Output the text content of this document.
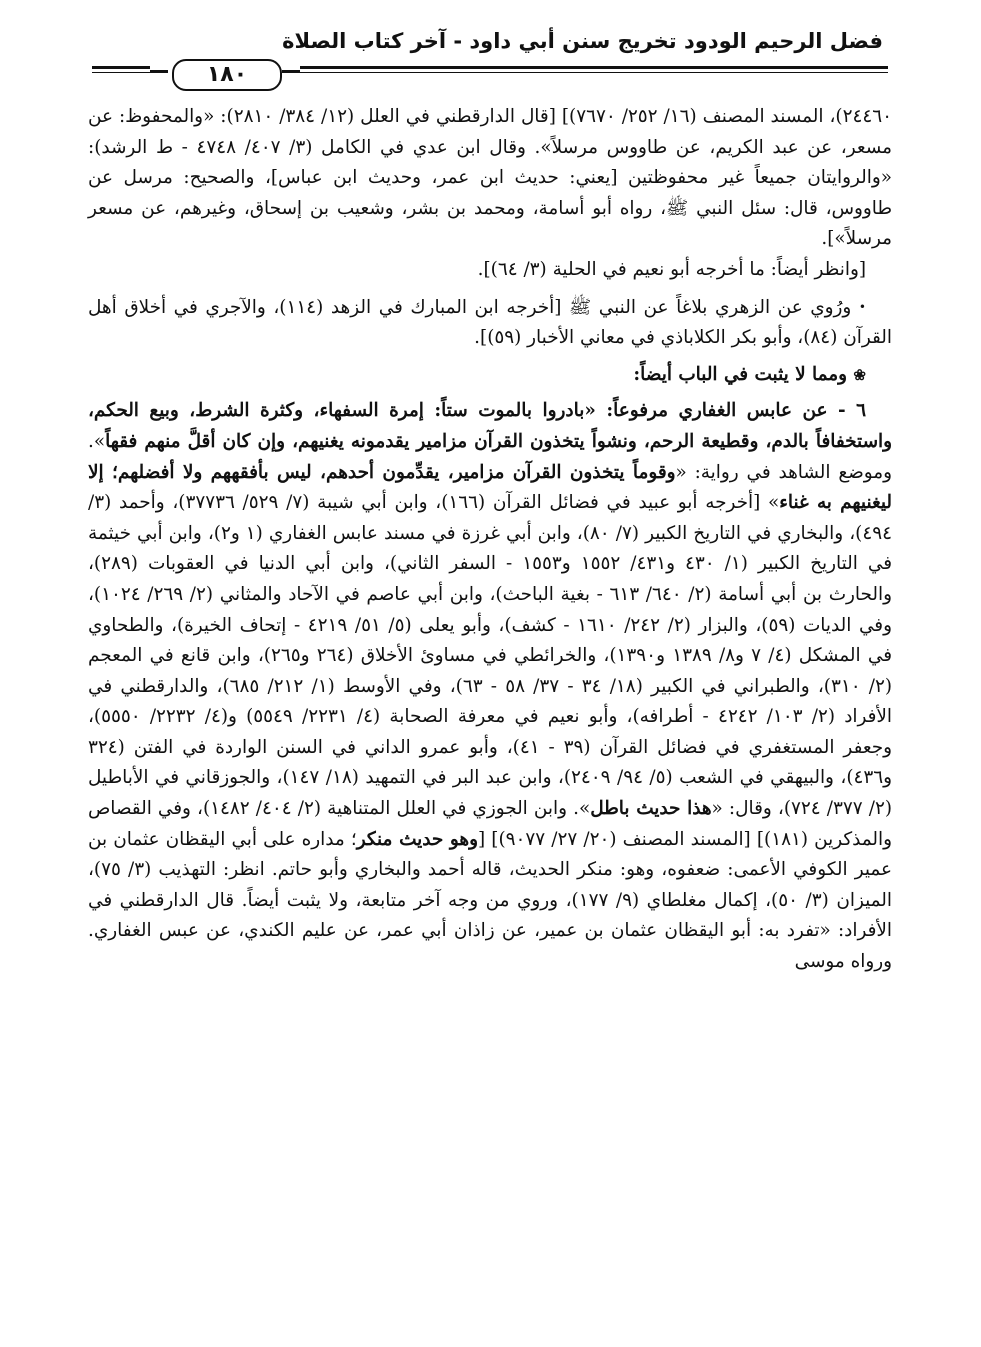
فضل الرحيم الودود تخريج سنن أبي داود - آخر كتاب الصلاة
١٨٠

٢٤٤٦٠)، المسند المصنف (١٦/ ٢٥٢/ ٧٦٧٠)] [قال الدارقطني في العلل (١٢/ ٣٨٤/ ٢٨١٠): «والمحفوظ: عن مسعر، عن عبد الكريم، عن طاووس مرسلاً». وقال ابن عدي في الكامل (٣/ ٤٠٧/ ٤٧٤٨ - ط الرشد): «والروايتان جميعاً غير محفوظتين [يعني: حديث ابن عمر، وحديث ابن عباس]، والصحيح: مرسل عن طاووس، قال: سئل النبي ﷺ، رواه أبو أسامة، ومحمد بن بشر، وشعيب بن إسحاق، وغيرهم، عن مسعر مرسلاً»].

[وانظر أيضاً: ما أخرجه أبو نعيم في الحلية (٣/ ٦٤)].

• ورُوي عن الزهري بلاغاً عن النبي ﷺ [أخرجه ابن المبارك في الزهد (١١٤)، والآجري في أخلاق أهل القرآن (٨٤)، وأبو بكر الكلاباذي في معاني الأخبار (٥٩)].

❀ ومما لا يثبت في الباب أيضاً:

٦ - عن عابس الغفاري مرفوعاً: «بادروا بالموت ستاً: إمرة السفهاء، وكثرة الشرط، وبيع الحكم، واستخفافاً بالدم، وقطيعة الرحم، ونشواً يتخذون القرآن مزامير يقدمونه يغنيهم، وإن كان أقلَّ منهم فقهاً». وموضع الشاهد في رواية: «وقوماً يتخذون القرآن مزامير، يقدِّمون أحدهم، ليس بأفقههم ولا أفضلهم؛ إلا ليغنيهم به غناء» [أخرجه أبو عبيد في فضائل القرآن (١٦٦)، وابن أبي شيبة (٧/ ٥٢٩/ ٣٧٧٣٦)، وأحمد (٣/ ٤٩٤)، والبخاري في التاريخ الكبير (٧/ ٨٠)، وابن أبي غرزة في مسند عابس الغفاري (١ و٢)، وابن أبي خيثمة في التاريخ الكبير (١/ ٤٣٠ و٤٣١/ ١٥٥٢ و١٥٥٣ - السفر الثاني)، وابن أبي الدنيا في العقوبات (٢٨٩)، والحارث بن أبي أسامة (٢/ ٦٤٠/ ٦١٣ - بغية الباحث)، وابن أبي عاصم في الآحاد والمثاني (٢/ ٢٦٩/ ١٠٢٤)، وفي الديات (٥٩)، والبزار (٢/ ٢٤٢/ ١٦١٠ - كشف)، وأبو يعلى (٥/ ٥١/ ٤٢١٩ - إتحاف الخيرة)، والطحاوي في المشكل (٤/ ٧ و٨/ ١٣٨٩ و١٣٩٠)، والخرائطي في مساوئ الأخلاق (٢٦٤ و٢٦٥)، وابن قانع في المعجم (٢/ ٣١٠)، والطبراني في الكبير (١٨/ ٣٤ - ٣٧/ ٥٨ - ٦٣)، وفي الأوسط (١/ ٢١٢/ ٦٨٥)، والدارقطني في الأفراد (٢/ ١٠٣/ ٤٢٤٢ - أطرافه)، وأبو نعيم في معرفة الصحابة (٤/ ٢٢٣١/ ٥٥٤٩) و(٤/ ٢٢٣٢/ ٥٥٥٠)، وجعفر المستغفري في فضائل القرآن (٣٩ - ٤١)، وأبو عمرو الداني في السنن الواردة في الفتن (٣٢٤ و٤٣٦)، والبيهقي في الشعب (٥/ ٩٤/ ٢٤٠٩)، وابن عبد البر في التمهيد (١٨/ ١٤٧)، والجوزقاني في الأباطيل (٢/ ٣٧٧/ ٧٢٤)، وقال: «هذا حديث باطل». وابن الجوزي في العلل المتناهية (٢/ ٤٠٤/ ١٤٨٢)، وفي القصاص والمذكرين (١٨١)] [المسند المصنف (٢٠/ ٢٧/ ٩٠٧٧)] [وهو حديث منكر؛ مداره على أبي اليقظان عثمان بن عمير الكوفي الأعمى: ضعفوه، وهو: منكر الحديث، قاله أحمد والبخاري وأبو حاتم. انظر: التهذيب (٣/ ٧٥)، الميزان (٣/ ٥٠)، إكمال مغلطاي (٩/ ١٧٧)، وروي من وجه آخر متابعة، ولا يثبت أيضاً. قال الدارقطني في الأفراد: «تفرد به: أبو اليقظان عثمان بن عمير، عن زاذان أبي عمر، عن عليم الكندي، عن عبس الغفاري. ورواه موسى
